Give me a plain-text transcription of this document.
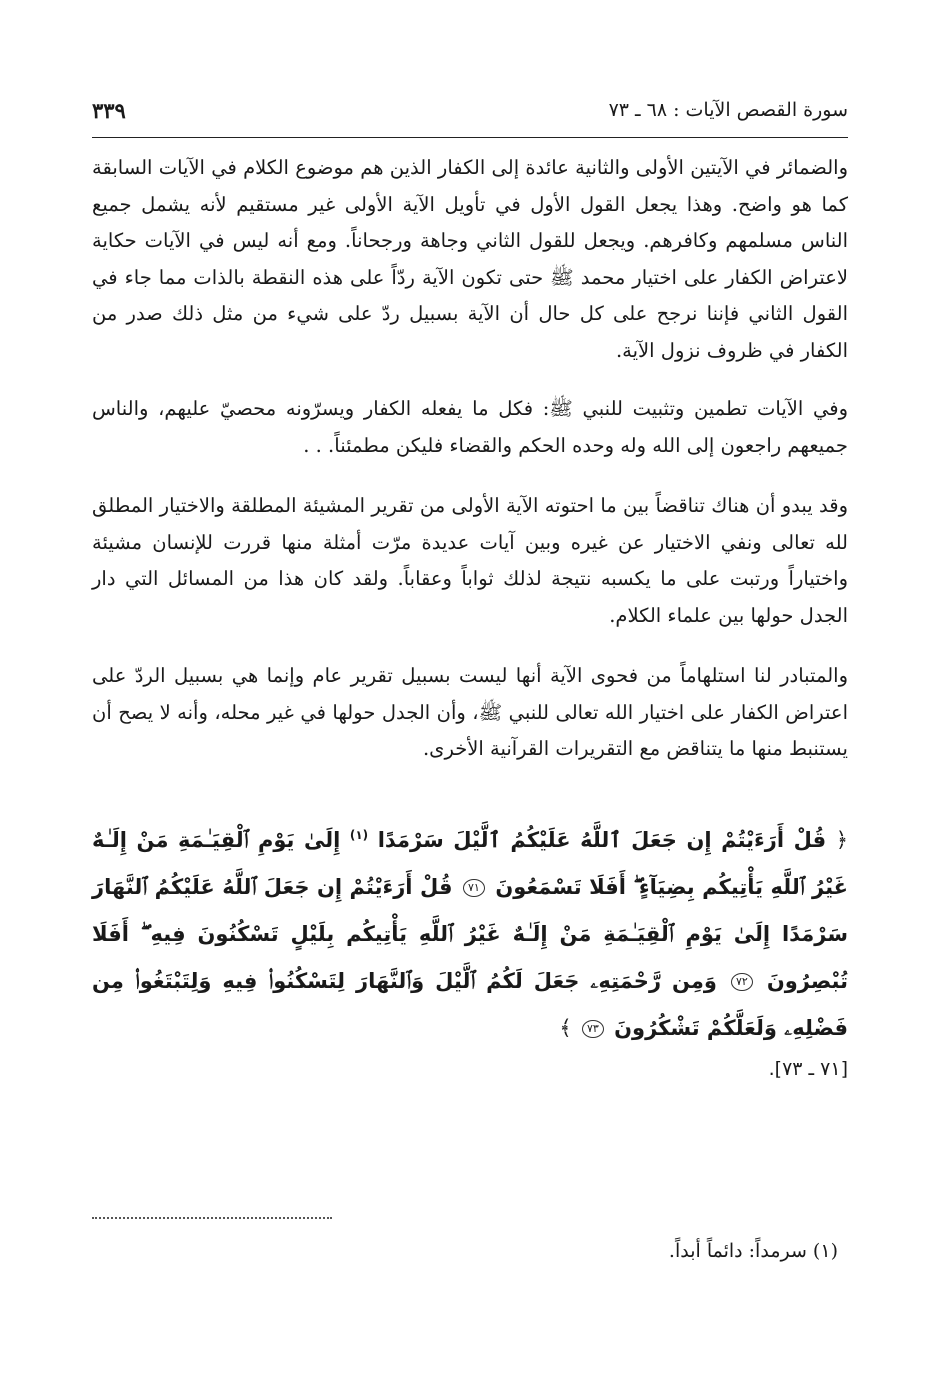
سورة القصص الآيات : ٦٨ ـ ٧٣
٣٣٩

والضمائر في الآيتين الأولى والثانية عائدة إلى الكفار الذين هم موضوع الكلام في الآيات السابقة كما هو واضح. وهذا يجعل القول الأول في تأويل الآية الأولى غير مستقيم لأنه يشمل جميع الناس مسلمهم وكافرهم. ويجعل للقول الثاني وجاهة ورجحاناً. ومع أنه ليس في الآيات حكاية لاعتراض الكفار على اختيار محمد ﷺ حتى تكون الآية ردّاً على هذه النقطة بالذات مما جاء في القول الثاني فإننا نرجح على كل حال أن الآية بسبيل ردّ على شيء من مثل ذلك صدر من الكفار في ظروف نزول الآية.

وفي الآيات تطمين وتثبيت للنبي ﷺ: فكل ما يفعله الكفار ويسرّونه محصيّ عليهم، والناس جميعهم راجعون إلى الله وله وحده الحكم والقضاء فليكن مطمئناً. . .

وقد يبدو أن هناك تناقضاً بين ما احتوته الآية الأولى من تقرير المشيئة المطلقة والاختيار المطلق لله تعالى ونفي الاختيار عن غيره وبين آيات عديدة مرّت أمثلة منها قررت للإنسان مشيئة واختياراً ورتبت على ما يكسبه نتيجة لذلك ثواباً وعقاباً. ولقد كان هذا من المسائل التي دار الجدل حولها بين علماء الكلام.

والمتبادر لنا استلهاماً من فحوى الآية أنها ليست بسبيل تقرير عام وإنما هي بسبيل الردّ على اعتراض الكفار على اختيار الله تعالى للنبي ﷺ، وأن الجدل حولها في غير محله، وأنه لا يصح أن يستنبط منها ما يتناقض مع التقريرات القرآنية الأخرى.

﴿ قُلْ أَرَءَيْتُمْ إِن جَعَلَ ٱللَّهُ عَلَيْكُمُ ٱلَّيْلَ سَرْمَدًا $^{(١)}$ إِلَىٰ يَوْمِ ٱلْقِيَـٰمَةِ مَنْ إِلَـٰهٌ غَيْرُ ٱللَّهِ يَأْتِيكُم بِضِيَآءٍ ۖ أَفَلَا تَسْمَعُونَ ٧١ قُلْ أَرَءَيْتُمْ إِن جَعَلَ ٱللَّهُ عَلَيْكُمُ ٱلنَّهَارَ سَرْمَدًا إِلَىٰ يَوْمِ ٱلْقِيَـٰمَةِ مَنْ إِلَـٰهٌ غَيْرُ ٱللَّهِ يَأْتِيكُم بِلَيْلٍ تَسْكُنُونَ فِيهِ ۖ أَفَلَا تُبْصِرُونَ ٧٢ وَمِن رَّحْمَتِهِۦ جَعَلَ لَكُمُ ٱلَّيْلَ وَٱلنَّهَارَ لِتَسْكُنُوا۟ فِيهِ وَلِتَبْتَغُوا۟ مِن فَضْلِهِۦ وَلَعَلَّكُمْ تَشْكُرُونَ ٧٣ ﴾
[٧١ ـ ٧٣].
(١) سرمداً: دائماً أبداً.
